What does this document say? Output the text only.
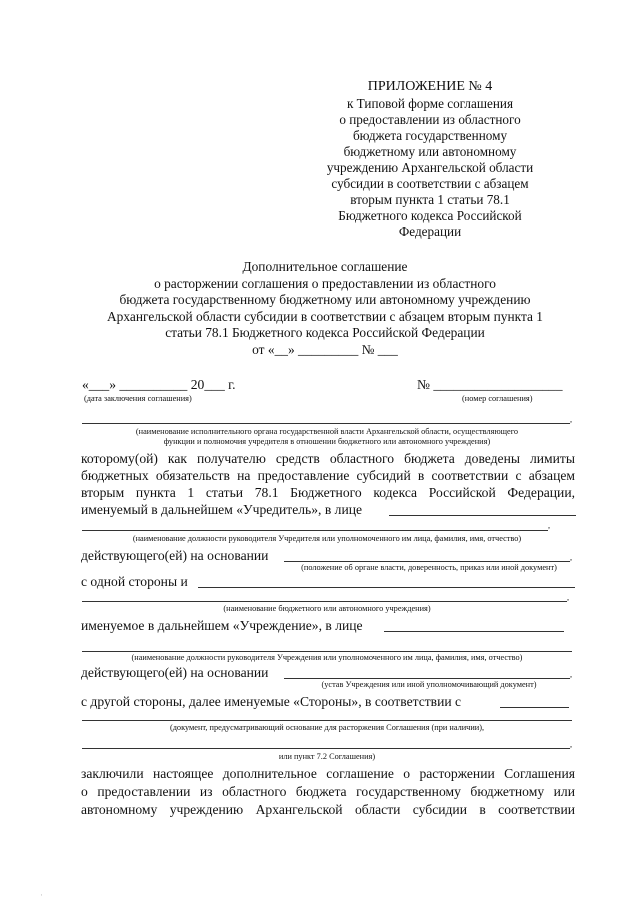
ПРИЛОЖЕНИЕ № 4
к Типовой форме соглашения
о предоставлении из областного
бюджета государственному
бюджетному или автономному
учреждению Архангельской области
субсидии в соответствии с абзацем
вторым пункта 1 статьи 78.1
Бюджетного кодекса Российской
Федерации
Дополнительное соглашение
о расторжении соглашения о предоставлении из областного
бюджета государственному бюджетному или автономному учреждению
Архангельской области субсидии в соответствии с абзацем вторым пункта 1
статьи 78.1 Бюджетного кодекса Российской Федерации
от «__» _________ № ___
«___» __________ 20___ г.	№ ___________________
(дата заключения соглашения)	(номер соглашения)
,
(наименование исполнительного органа государственной власти Архангельской области, осуществляющего
функции и полномочия учредителя в отношении бюджетного или автономного учреждения)
которому(ой) как получателю средств областного бюджета доведены лимиты
бюджетных обязательств на предоставление субсидий в соответствии с абзацем
вторым пункта 1 статьи 78.1 Бюджетного кодекса Российской Федерации,
именуемый в дальнейшем «Учредитель», в лице
,
(наименование должности руководителя Учредителя или уполномоченного им лица, фамилия, имя, отчество)
действующего(ей) на основании	,
(положение об органе власти, доверенность, приказ или иной документ)
с одной стороны и
,
(наименование бюджетного или автономного учреждения)
именуемое в дальнейшем «Учреждение», в лице
(наименование должности руководителя Учреждения или уполномоченного им лица, фамилия, имя, отчество)
действующего(ей) на основании	,
(устав Учреждения или иной уполномочивающий документ)
с другой стороны, далее именуемые «Стороны», в соответствии с
(документ, предусматривающий основание для расторжения Соглашения (при наличии),
,
или пункт 7.2 Соглашения)
заключили настоящее дополнительное соглашение о расторжении Соглашения
о предоставлении из областного бюджета государственному бюджетному или
автономному учреждению Архангельской области субсидии в соответствии
·
